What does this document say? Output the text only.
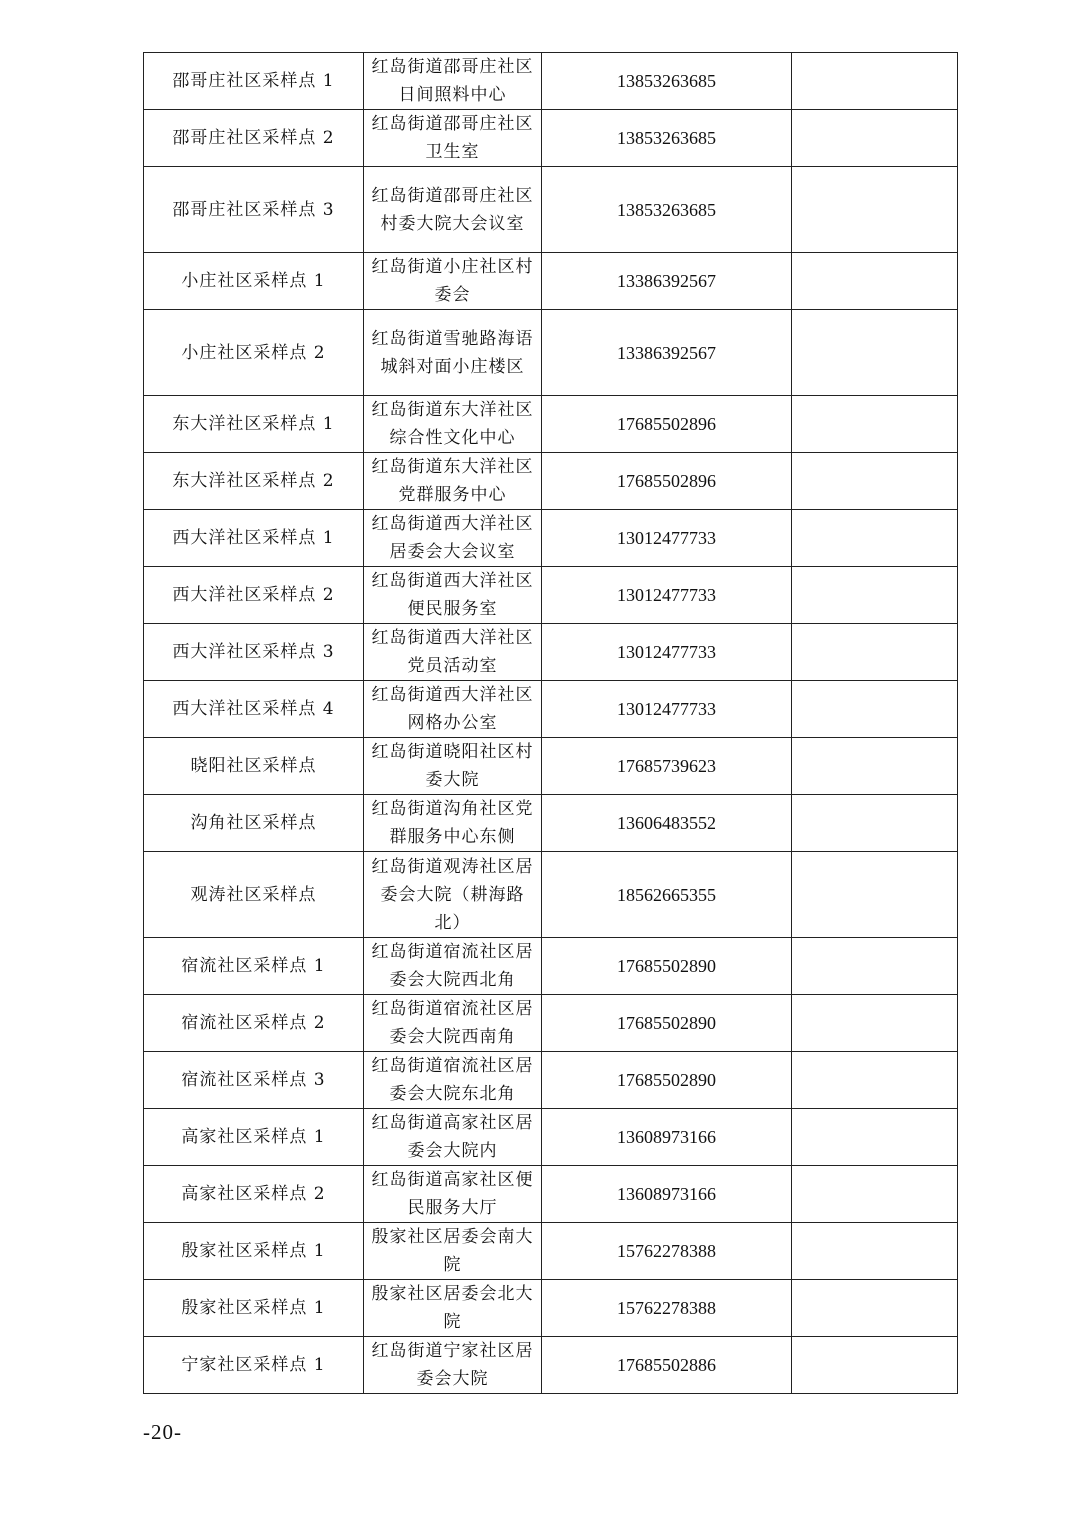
邵哥庄社区采样点 1	红岛街道邵哥庄社区日间照料中心	13853263685	
邵哥庄社区采样点 2	红岛街道邵哥庄社区卫生室	13853263685	
邵哥庄社区采样点 3	红岛街道邵哥庄社区村委大院大会议室	13853263685	
小庄社区采样点 1	红岛街道小庄社区村委会	13386392567	
小庄社区采样点 2	红岛街道雪驰路海语城斜对面小庄楼区	13386392567	
东大洋社区采样点 1	红岛街道东大洋社区综合性文化中心	17685502896	
东大洋社区采样点 2	红岛街道东大洋社区党群服务中心	17685502896	
西大洋社区采样点 1	红岛街道西大洋社区居委会大会议室	13012477733	
西大洋社区采样点 2	红岛街道西大洋社区便民服务室	13012477733	
西大洋社区采样点 3	红岛街道西大洋社区党员活动室	13012477733	
西大洋社区采样点 4	红岛街道西大洋社区网格办公室	13012477733	
晓阳社区采样点	红岛街道晓阳社区村委大院	17685739623	
沟角社区采样点	红岛街道沟角社区党群服务中心东侧	13606483552	
观涛社区采样点	红岛街道观涛社区居委会大院（耕海路北）	18562665355	
宿流社区采样点 1	红岛街道宿流社区居委会大院西北角	17685502890	
宿流社区采样点 2	红岛街道宿流社区居委会大院西南角	17685502890	
宿流社区采样点 3	红岛街道宿流社区居委会大院东北角	17685502890	
高家社区采样点 1	红岛街道高家社区居委会大院内	13608973166	
高家社区采样点 2	红岛街道高家社区便民服务大厅	13608973166	
殷家社区采样点 1	殷家社区居委会南大院	15762278388	
殷家社区采样点 1	殷家社区居委会北大院	15762278388	
宁家社区采样点 1	红岛街道宁家社区居委会大院	17685502886	
-20-
